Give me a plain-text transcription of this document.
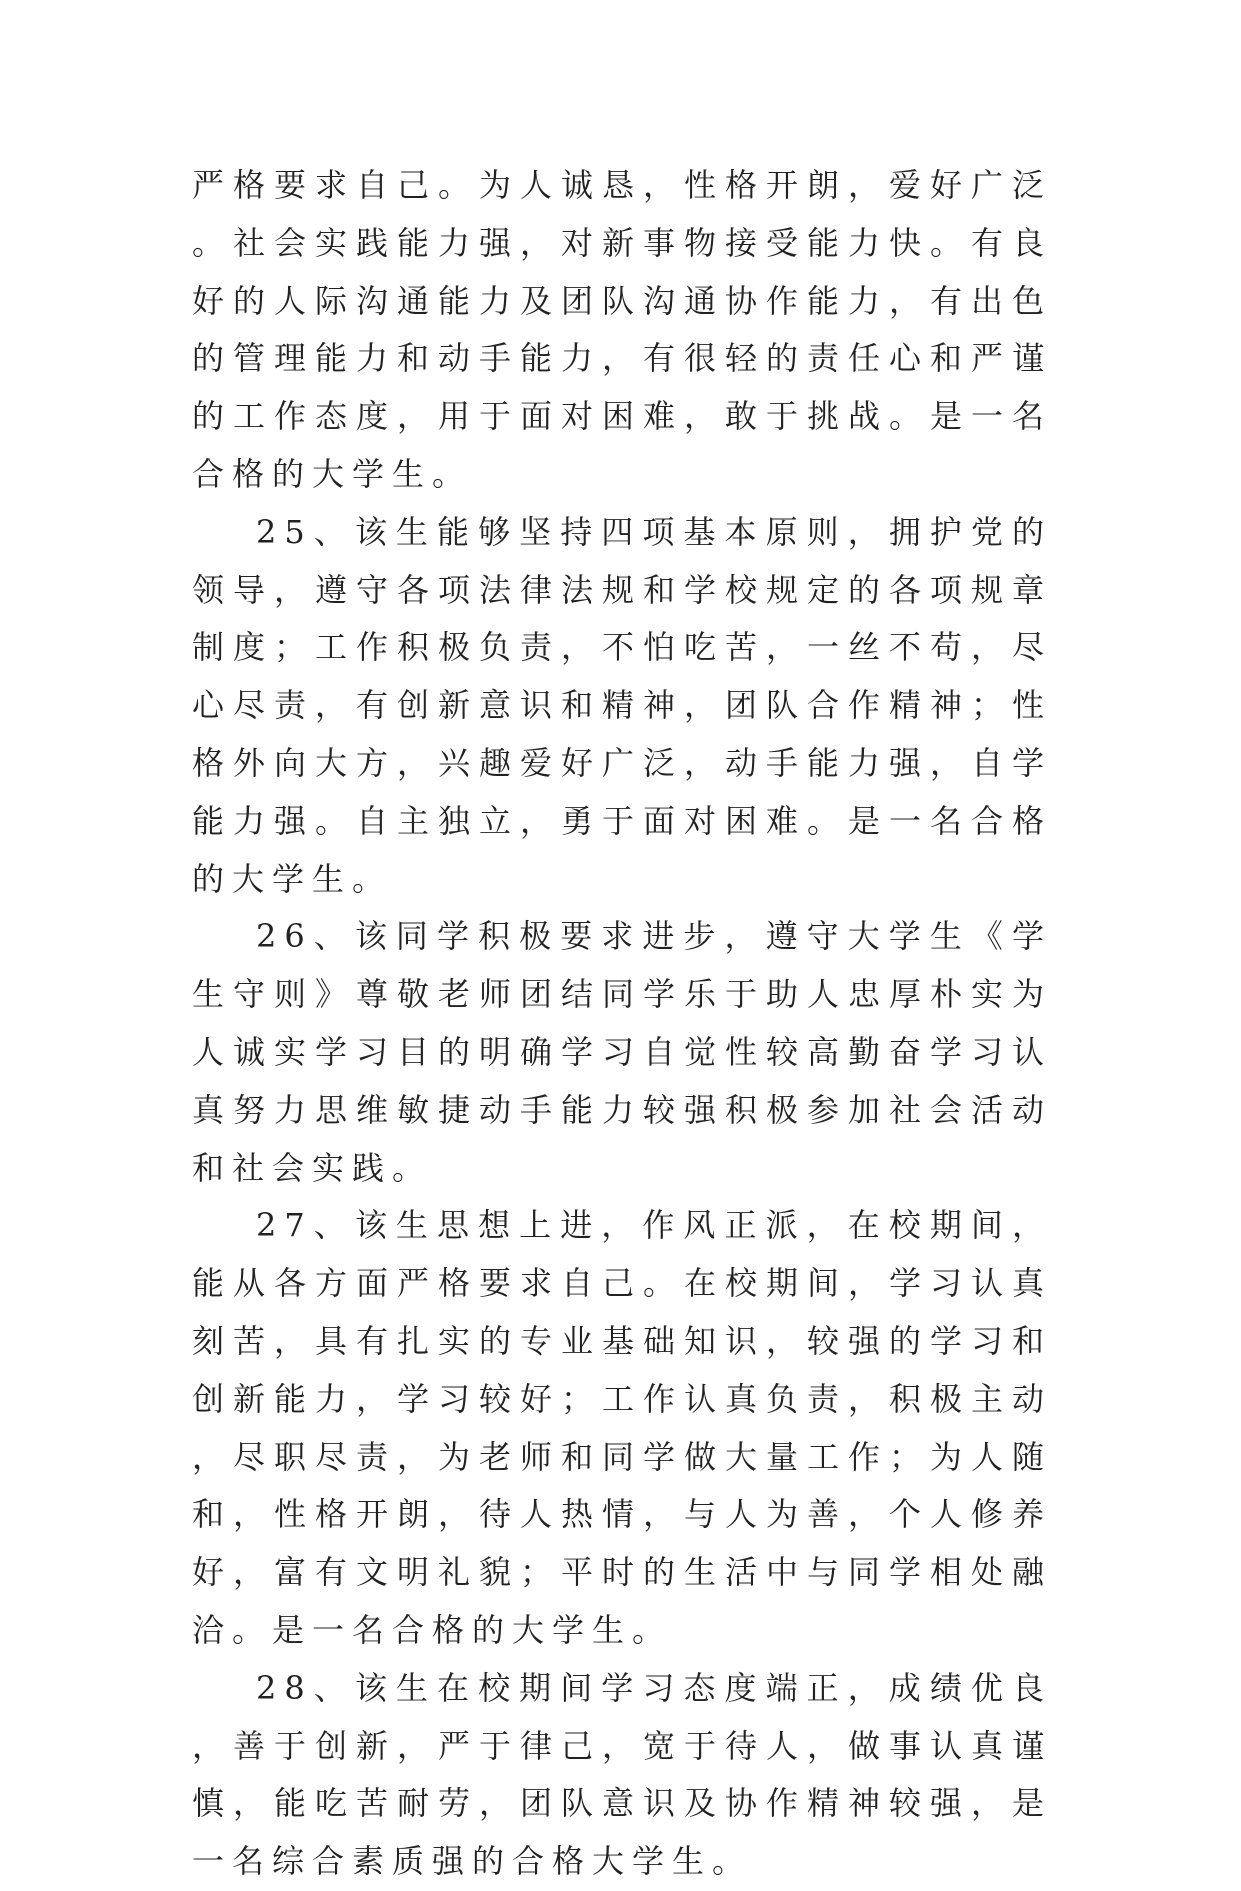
严格要求自己。为人诚恳，性格开朗，爱好广泛。社会实践能力强，对新事物接受能力快。有良好的人际沟通能力及团队沟通协作能力，有出色的管理能力和动手能力，有很轻的责任心和严谨的工作态度，用于面对困难，敢于挑战。是一名合格的大学生。

25、该生能够坚持四项基本原则，拥护党的领导，遵守各项法律法规和学校规定的各项规章制度；工作积极负责，不怕吃苦，一丝不苟，尽心尽责，有创新意识和精神，团队合作精神；性格外向大方，兴趣爱好广泛，动手能力强，自学能力强。自主独立，勇于面对困难。是一名合格的大学生。

26、该同学积极要求进步，遵守大学生《学生守则》尊敬老师团结同学乐于助人忠厚朴实为人诚实学习目的明确学习自觉性较高勤奋学习认真努力思维敏捷动手能力较强积极参加社会活动和社会实践。

27、该生思想上进，作风正派，在校期间，能从各方面严格要求自己。在校期间，学习认真刻苦，具有扎实的专业基础知识，较强的学习和创新能力，学习较好；工作认真负责，积极主动，尽职尽责，为老师和同学做大量工作；为人随和，性格开朗，待人热情，与人为善，个人修养好，富有文明礼貌；平时的生活中与同学相处融洽。是一名合格的大学生。

28、该生在校期间学习态度端正，成绩优良，善于创新，严于律己，宽于待人，做事认真谨慎，能吃苦耐劳，团队意识及协作精神较强，是一名综合素质强的合格大学生。
